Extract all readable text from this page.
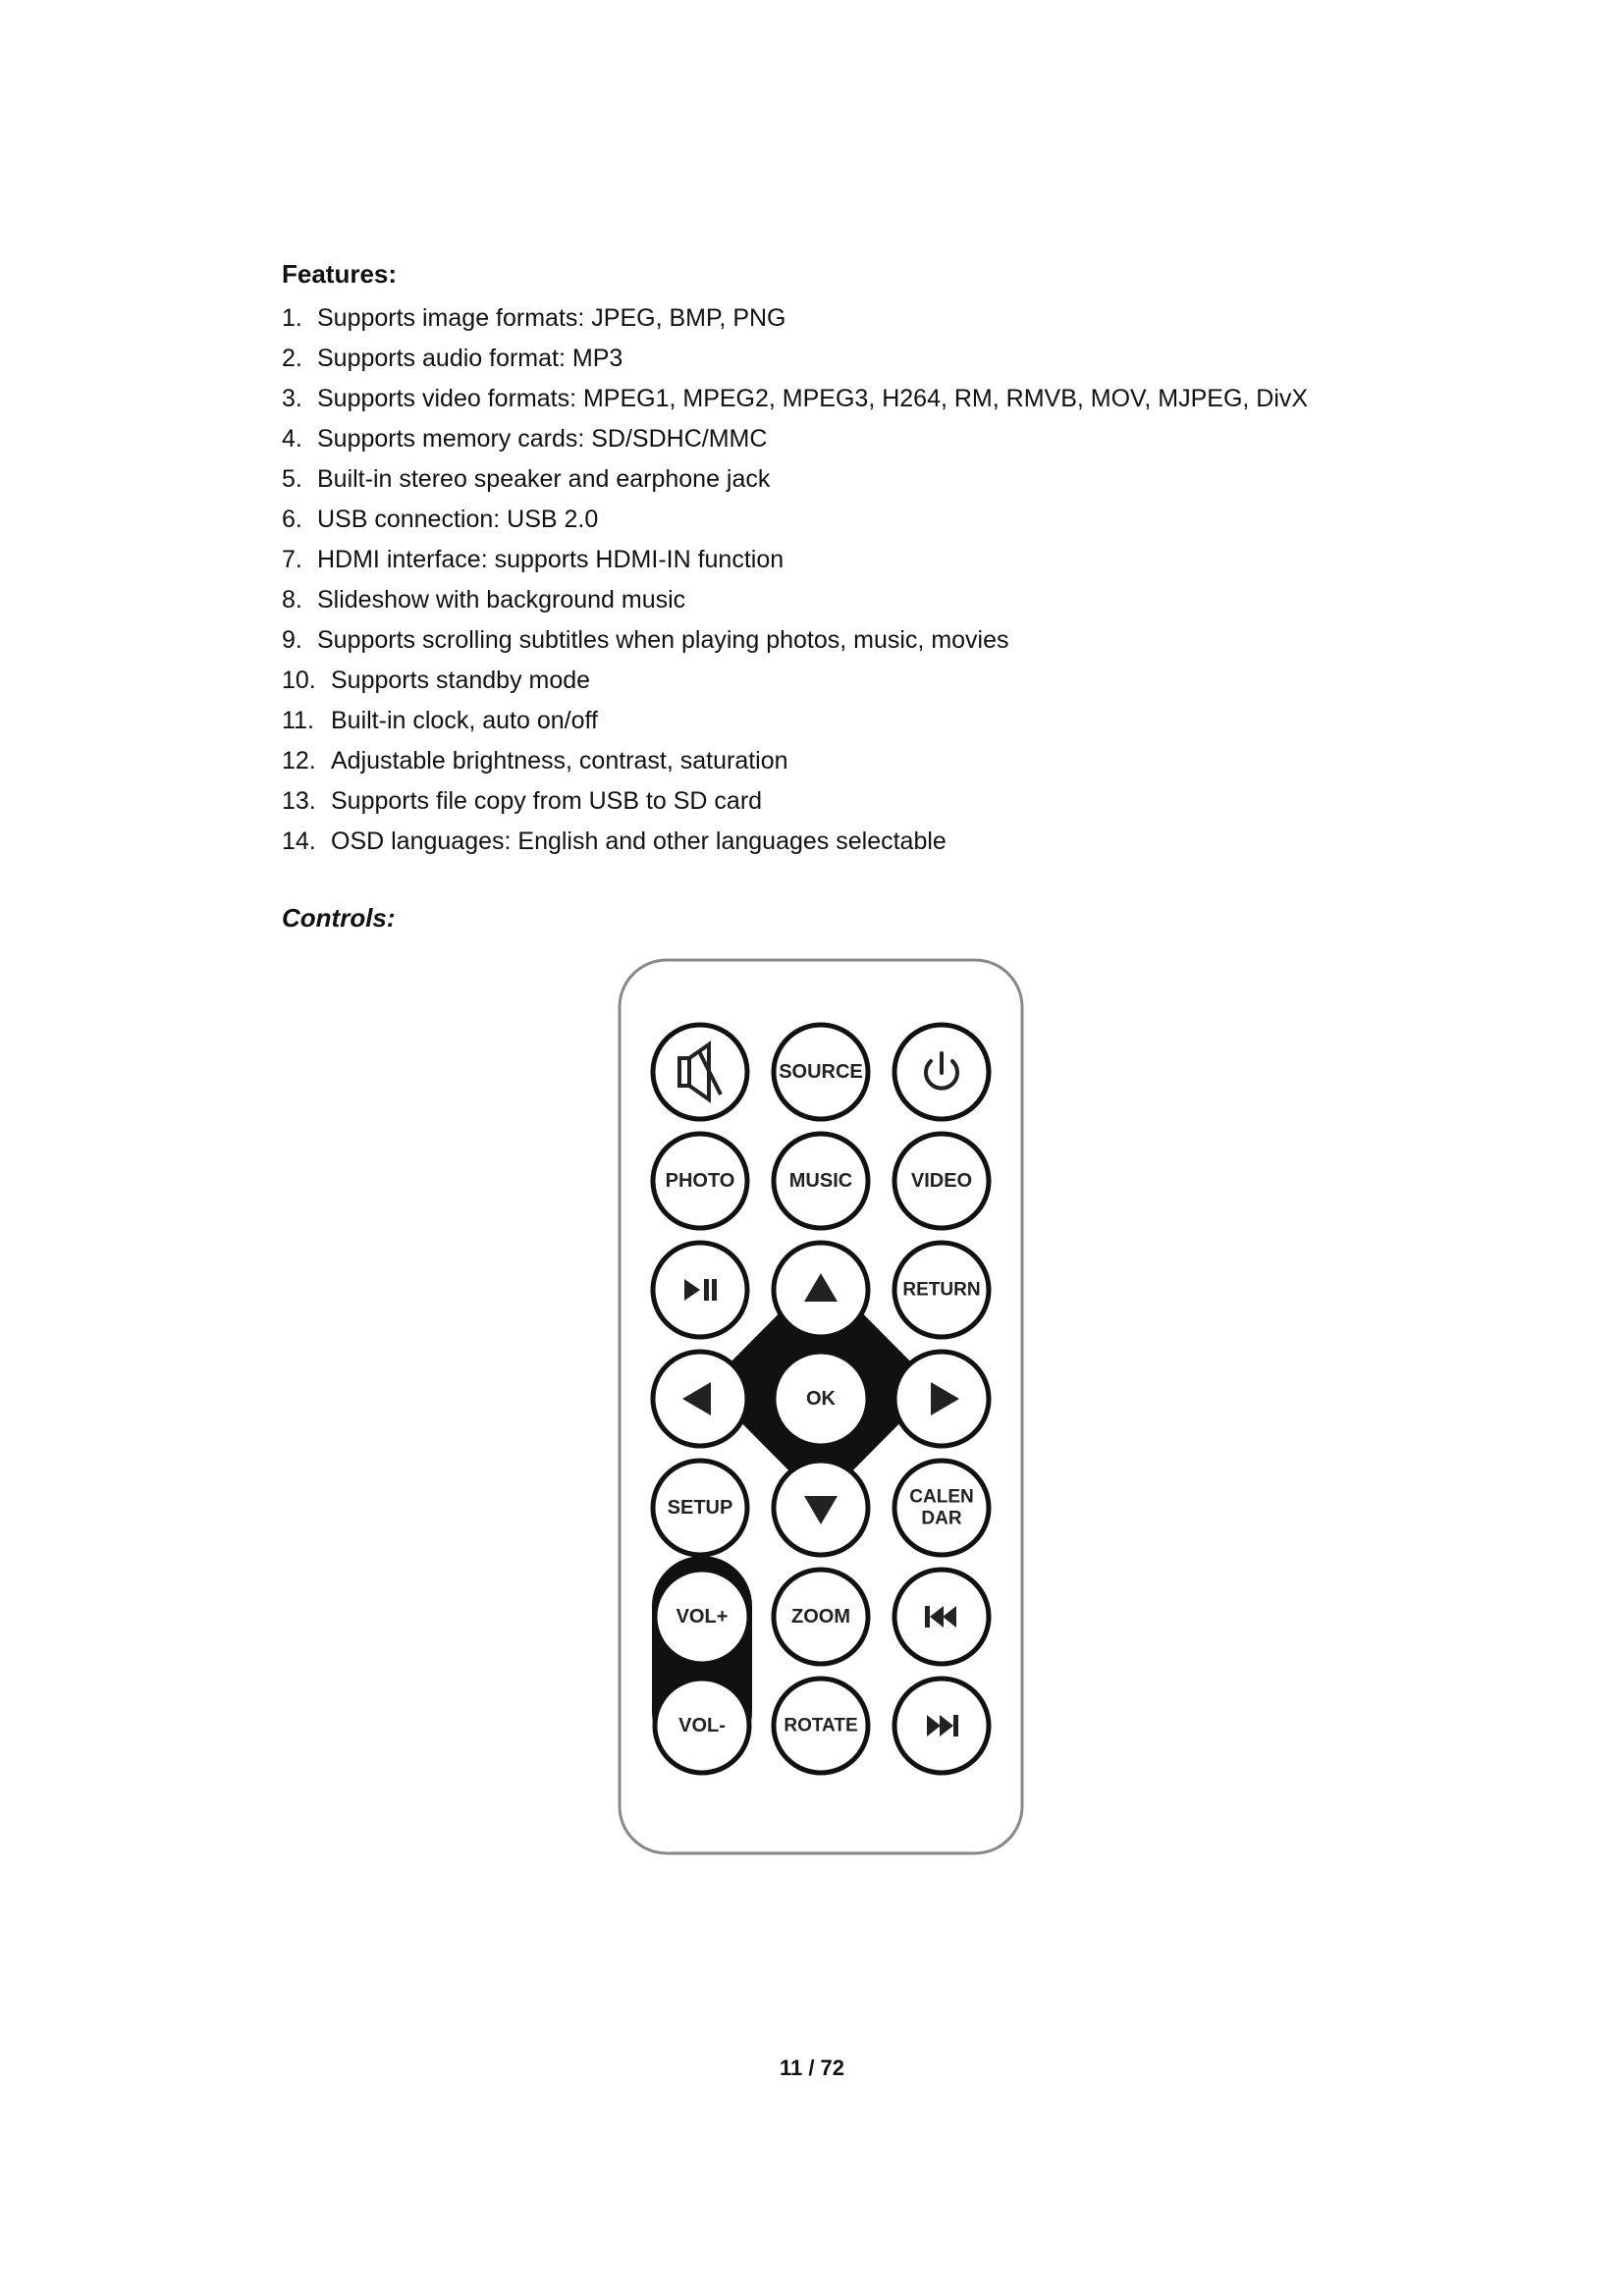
Features:
1. Supports image formats: JPEG, BMP, PNG
2. Supports audio format: MP3
3. Supports video formats: MPEG1, MPEG2, MPEG3, H264, RM, RMVB, MOV, MJPEG, DivX
4. Supports memory cards: SD/SDHC/MMC
5. Built-in stereo speaker and earphone jack
6. USB connection: USB 2.0
7. HDMI interface: supports HDMI-IN function
8. Slideshow with background music
9. Supports scrolling subtitles when playing photos, music, movies
10. Supports standby mode
11. Built-in clock, auto on/off
12. Adjustable brightness, contrast, saturation
13. Supports file copy from USB to SD card
14. OSD languages: English and other languages selectable
Controls:
SOURCE
PHOTO	MUSIC	VIDEO
RETURN
OK
SETUP	CALEN
DAR
VOL+	ZOOM
VOL-	ROTATE
11 / 72
